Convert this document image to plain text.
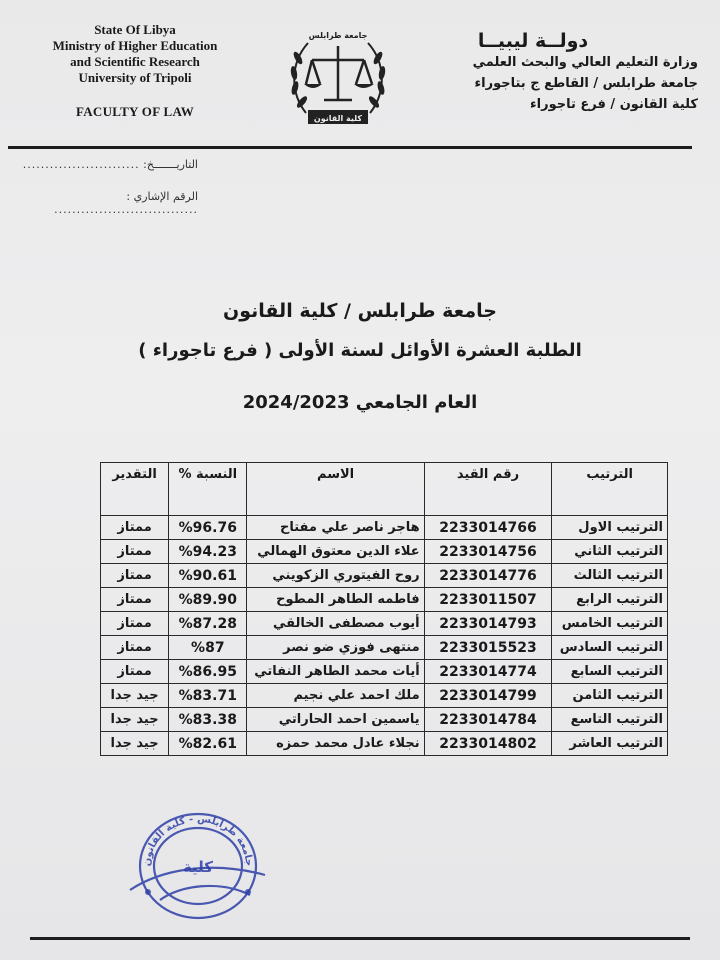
State Of Libya
Ministry of Higher Education
and Scientific Research
University of Tripoli
FACULTY OF LAW
جامعة طرابلس
كلية القانون
دولــة ليبيــا
وزارة التعليم العالي والبحث العلمي
جامعة طرابلس / القاطع ج بتاجوراء
كلية القانون / فرع تاجوراء
التاريـــــــخ: ..........................
الرقم الإشاري : ................................
جامعة طرابلس / كلية القانون
الطلبة العشرة الأوائل لسنة الأولى ( فرع تاجوراء )
العام الجامعي 2024/2023
الترتيب	رقم القيد	الاسم	النسبة %	التقدير
الترتيب الاول	2233014766	هاجر ناصر علي مفتاح	%96.76	ممتاز
الترتيب الثاني	2233014756	علاء الدين معتوق الهمالي	%94.23	ممتاز
الترتيب الثالث	2233014776	روح الفيتوري الزكويني	%90.61	ممتاز
الترتيب الرابع	2233011507	فاطمه الطاهر المطوح	%89.90	ممتاز
الترتيب الخامس	2233014793	أيوب مصطفى الخالقي	%87.28	ممتاز
الترتيب السادس	2233015523	منتهى فوزي ضو نصر	%87	ممتاز
الترتيب السابع	2233014774	أيات محمد الطاهر النفاتي	%86.95	ممتاز
الترتيب الثامن	2233014799	ملك احمد علي نجيم	%83.71	جيد جدا
الترتيب التاسع	2233014784	ياسمين احمد الحاراتي	%83.38	جيد جدا
الترتيب العاشر	2233014802	نجلاء عادل محمد حمزه	%82.61	جيد جدا
جامعة طرابلس - كلية القانون
كلية
